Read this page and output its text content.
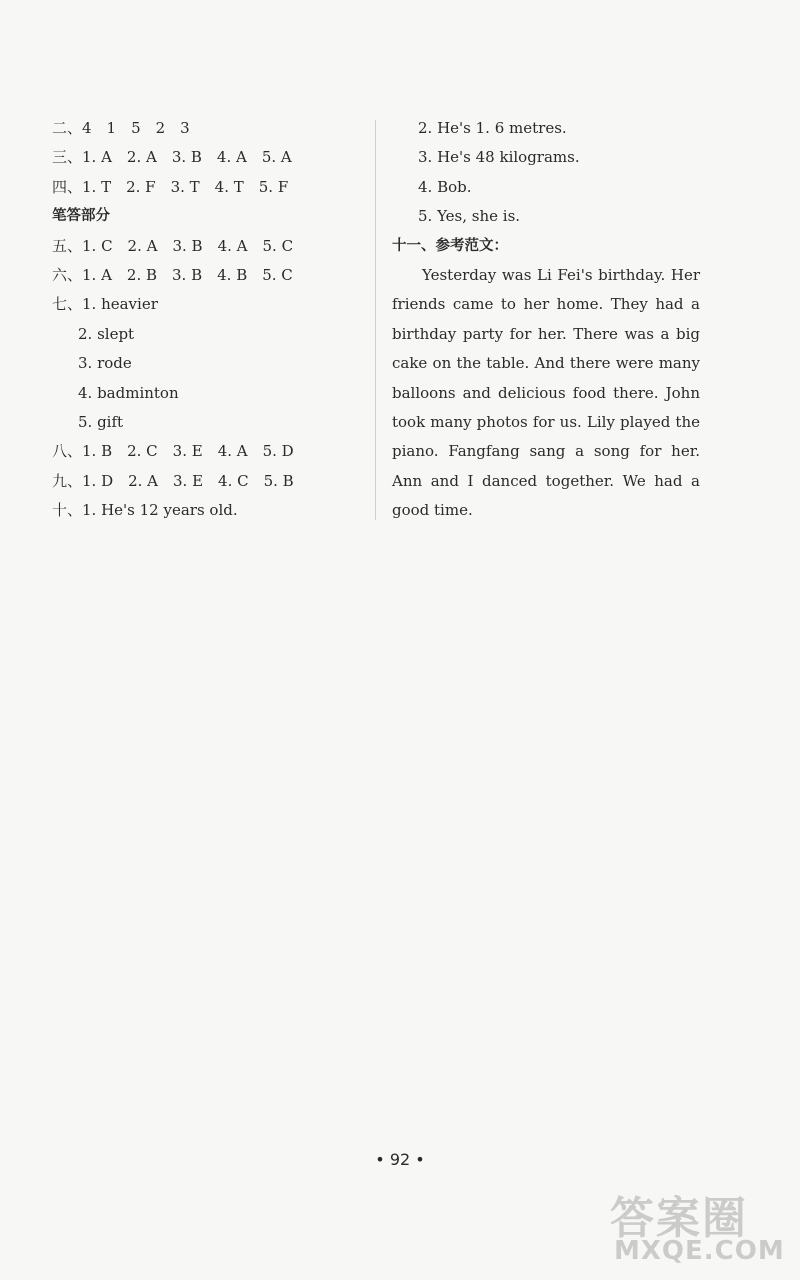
二、4　1　5　2　3
三、1. A　2. A　3. B　4. A　5. A
四、1. T　2. F　3. T　4. T　5. F
笔答部分
五、1. C　2. A　3. B　4. A　5. C
六、1. A　2. B　3. B　4. B　5. C
七、1. heavier
2. slept
3. rode
4. badminton
5. gift
八、1. B　2. C　3. E　4. A　5. D
九、1. D　2. A　3. E　4. C　5. B
十、1. He's 12 years old.
2. He's 1. 6 metres.
3. He's 48 kilograms.
4. Bob.
5. Yes, she is.
十一、参考范文：

Yesterday was Li Fei's birthday. Her friends came to her home. They had a birthday party for her. There was a big cake on the table. And there were many balloons and delicious food there. John took many photos for us. Lily played the piano. Fangfang sang a song for her. Ann and I danced together. We had a good time.

• 92 •
答案圈
MXQE.COM
